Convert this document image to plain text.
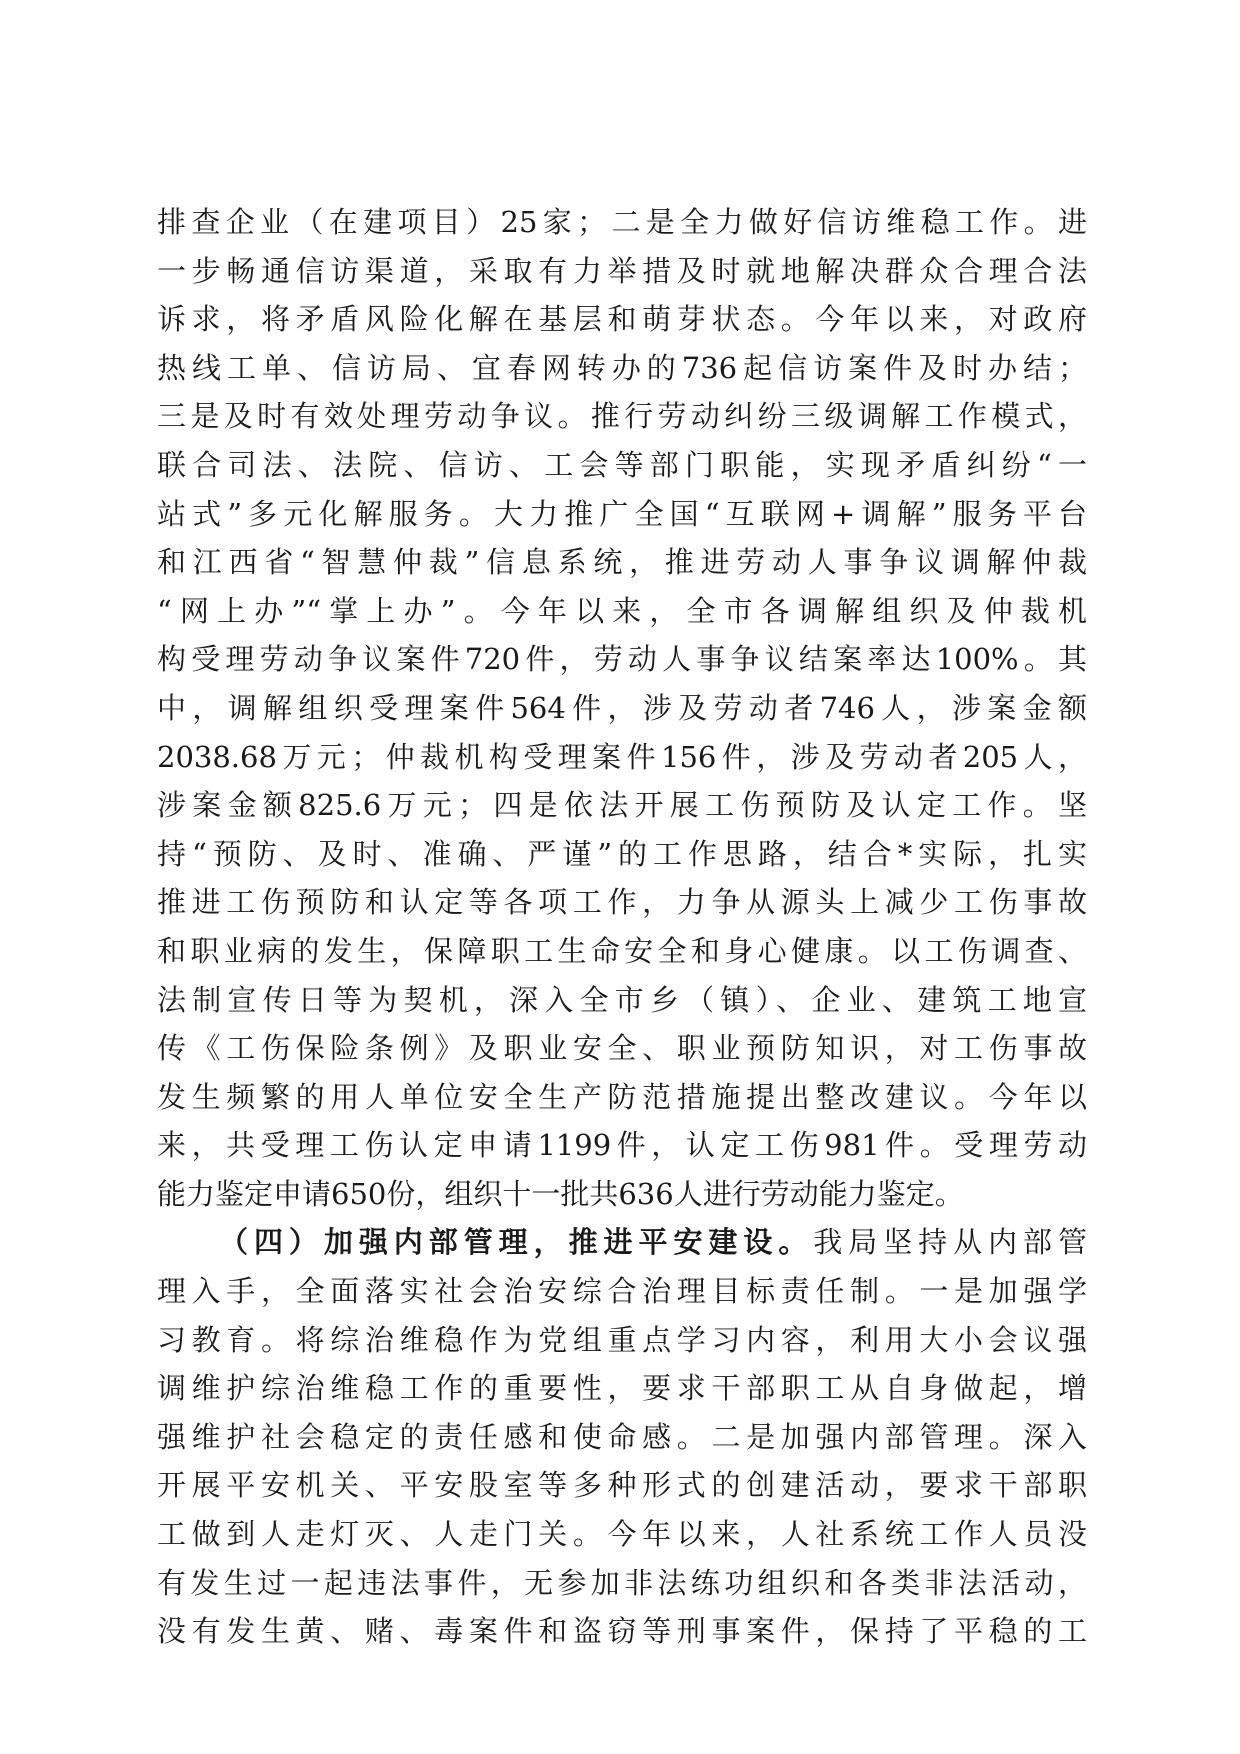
排查企业（在建项目）25家；二是全力做好信访维稳工作。进
一步畅通信访渠道，采取有力举措及时就地解决群众合理合法
诉求，将矛盾风险化解在基层和萌芽状态。今年以来，对政府
热线工单、信访局、宜春网转办的736起信访案件及时办结；
三是及时有效处理劳动争议。推行劳动纠纷三级调解工作模式，
联合司法、法院、信访、工会等部门职能，实现矛盾纠纷“一
站式”多元化解服务。大力推广全国“互联网+调解”服务平台
和江西省“智慧仲裁”信息系统，推进劳动人事争议调解仲裁
“网上办”“掌上办”。今年以来，全市各调解组织及仲裁机
构受理劳动争议案件720件，劳动人事争议结案率达100%。其
中，调解组织受理案件564件，涉及劳动者746人，涉案金额
2038.68万元；仲裁机构受理案件156件，涉及劳动者205人，
涉案金额825.6万元；四是依法开展工伤预防及认定工作。坚
持“预防、及时、准确、严谨”的工作思路，结合*实际，扎实
推进工伤预防和认定等各项工作，力争从源头上减少工伤事故
和职业病的发生，保障职工生命安全和身心健康。以工伤调查、
法制宣传日等为契机，深入全市乡（镇）、企业、建筑工地宣
传《工伤保险条例》及职业安全、职业预防知识，对工伤事故
发生频繁的用人单位安全生产防范措施提出整改建议。今年以
来，共受理工伤认定申请1199件，认定工伤981件。受理劳动
能力鉴定申请650份，组织十一批共636人进行劳动能力鉴定。
（四）加强内部管理，推进平安建设。我局坚持从内部管
理入手，全面落实社会治安综合治理目标责任制。一是加强学
习教育。将综治维稳作为党组重点学习内容，利用大小会议强
调维护综治维稳工作的重要性，要求干部职工从自身做起，增
强维护社会稳定的责任感和使命感。二是加强内部管理。深入
开展平安机关、平安股室等多种形式的创建活动，要求干部职
工做到人走灯灭、人走门关。今年以来，人社系统工作人员没
有发生过一起违法事件，无参加非法练功组织和各类非法活动，
没有发生黄、赌、毒案件和盗窃等刑事案件，保持了平稳的工
